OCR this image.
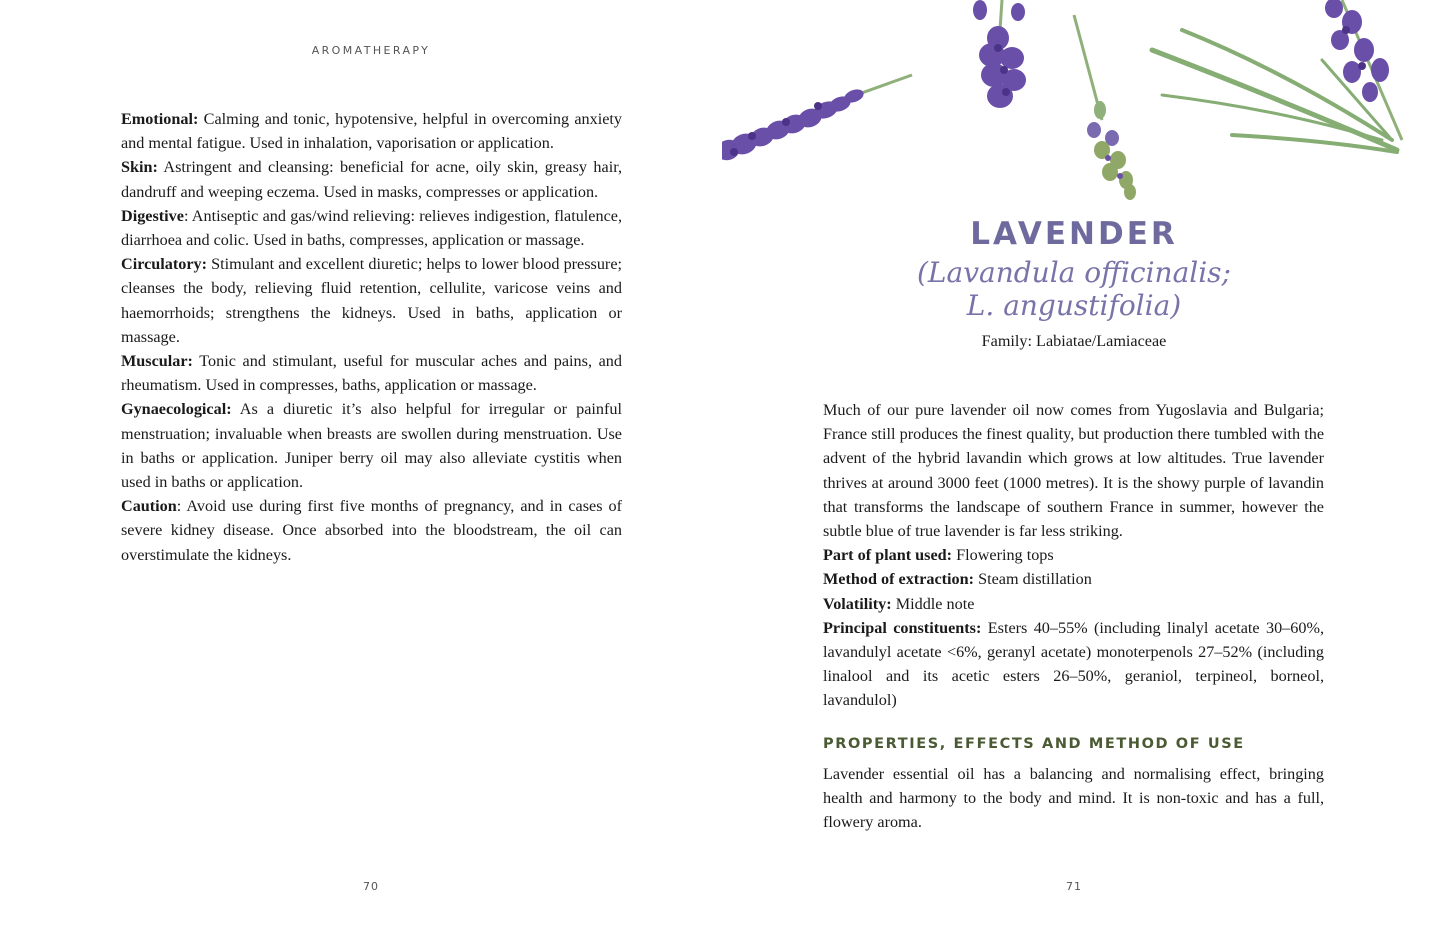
AROMATHERAPY

Emotional: Calming and tonic, hypotensive, helpful in overcoming anxiety and mental fatigue. Used in inhalation, vaporisation or application.

Skin: Astringent and cleansing: beneficial for acne, oily skin, greasy hair, dandruff and weeping eczema. Used in masks, compresses or application.

Digestive: Antiseptic and gas/wind relieving: relieves indigestion, flatulence, diarrhoea and colic. Used in baths, compresses, application or massage.

Circulatory: Stimulant and excellent diuretic; helps to lower blood pressure; cleanses the body, relieving fluid retention, cellulite, varicose veins and haemorrhoids; strengthens the kidneys. Used in baths, application or massage.

Muscular: Tonic and stimulant, useful for muscular aches and pains, and rheumatism. Used in compresses, baths, application or massage.

Gynaecological: As a diuretic it’s also helpful for irregular or painful menstruation; invaluable when breasts are swollen during menstruation. Use in baths or application. Juniper berry oil may also alleviate cystitis when used in baths or application.

Caution: Avoid use during first five months of pregnancy, and in cases of severe kidney disease. Once absorbed into the bloodstream, the oil can overstimulate the kidneys.

70
LAVENDER

(Lavandula officinalis;

L. angustifolia)

Family: Labiatae/Lamiaceae

Much of our pure lavender oil now comes from Yugoslavia and Bulgaria; France still produces the finest quality, but production there tumbled with the advent of the hybrid lavandin which grows at low altitudes. True lavender thrives at around 3000 feet (1000 metres). It is the showy purple of lavandin that transforms the landscape of southern France in summer, however the subtle blue of true lavender is far less striking.

Part of plant used: Flowering tops

Method of extraction: Steam distillation

Volatility: Middle note

Principal constituents: Esters 40–55% (including linalyl acetate 30–60%, lavandulyl acetate <6%, geranyl acetate) monoterpenols 27–52% (including linalool and its acetic esters 26–50%, geraniol, terpineol, borneol, lavandulol)

PROPERTIES, EFFECTS AND METHOD OF USE

Lavender essential oil has a balancing and normalising effect, bringing health and harmony to the body and mind. It is non-toxic and has a full, flowery aroma.

71
